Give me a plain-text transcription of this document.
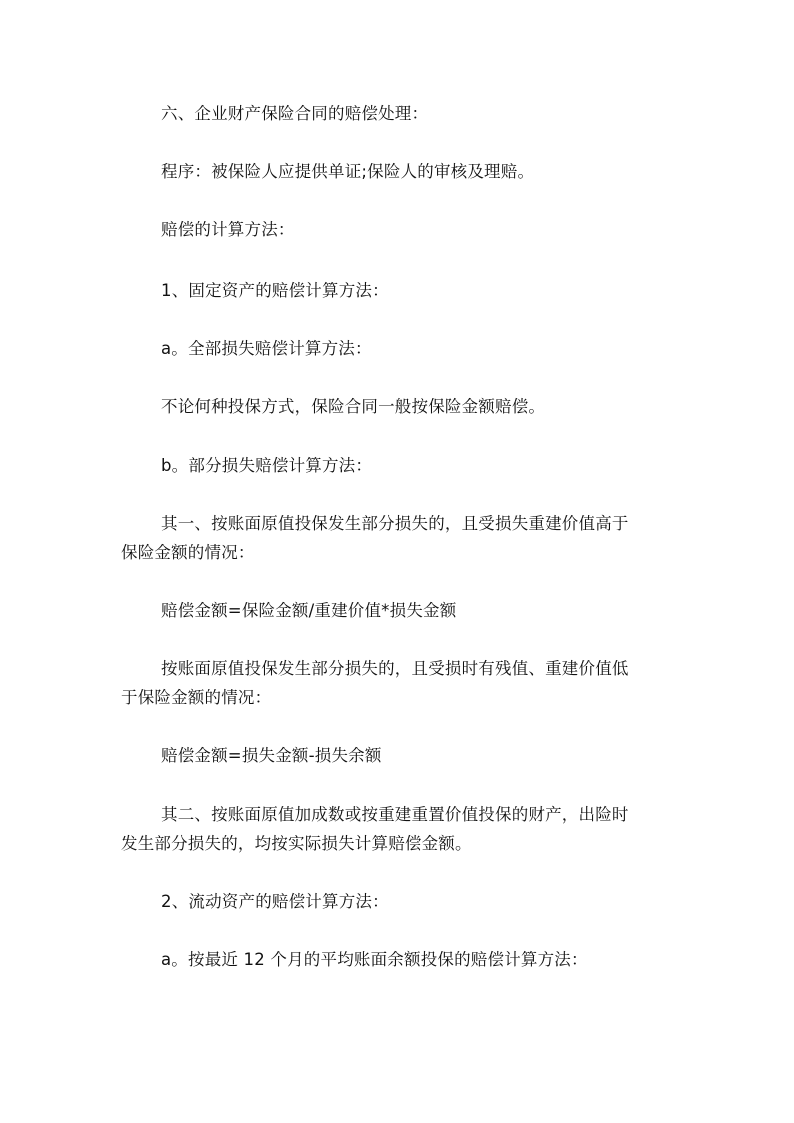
六、企业财产保险合同的赔偿处理：
程序：被保险人应提供单证;保险人的审核及理赔。
赔偿的计算方法：
1、固定资产的赔偿计算方法：
a。全部损失赔偿计算方法：
不论何种投保方式，保险合同一般按保险金额赔偿。
b。部分损失赔偿计算方法：
其一、按账面原值投保发生部分损失的，且受损失重建价值高于
保险金额的情况：
赔偿金额=保险金额/重建价值*损失金额
按账面原值投保发生部分损失的，且受损时有残值、重建价值低
于保险金额的情况：
赔偿金额=损失金额-损失余额
其二、按账面原值加成数或按重建重置价值投保的财产，出险时
发生部分损失的，均按实际损失计算赔偿金额。
2、流动资产的赔偿计算方法：
a。按最近 12 个月的平均账面余额投保的赔偿计算方法：
